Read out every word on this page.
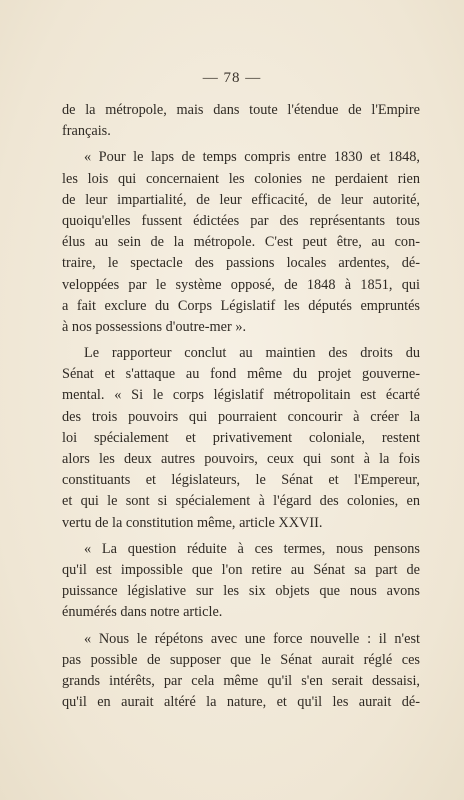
— 78 —
de la métropole, mais dans toute l'étendue de l'Empire
français.
« Pour le laps de temps compris entre 1830 et 1848,
les lois qui concernaient les colonies ne perdaient rien
de leur impartialité, de leur efficacité, de leur autorité,
quoiqu'elles fussent édictées par des représentants tous
élus au sein de la métropole. C'est peut être, au con-
traire, le spectacle des passions locales ardentes, dé-
veloppées par le système opposé, de 1848 à 1851, qui
a fait exclure du Corps Législatif les députés empruntés
à nos possessions d'outre-mer ».
Le rapporteur conclut au maintien des droits du
Sénat et s'attaque au fond même du projet gouverne-
mental. « Si le corps législatif métropolitain est écarté
des trois pouvoirs qui pourraient concourir à créer la
loi spécialement et privativement coloniale, restent
alors les deux autres pouvoirs, ceux qui sont à la fois
constituants et législateurs, le Sénat et l'Empereur,
et qui le sont si spécialement à l'égard des colonies, en
vertu de la constitution même, article XXVII.
« La question réduite à ces termes, nous pensons
qu'il est impossible que l'on retire au Sénat sa part de
puissance législative sur les six objets que nous avons
énumérés dans notre article.
« Nous le répétons avec une force nouvelle : il n'est
pas possible de supposer que le Sénat aurait réglé ces
grands intérêts, par cela même qu'il s'en serait dessaisi,
qu'il en aurait altéré la nature, et qu'il les aurait dé-
